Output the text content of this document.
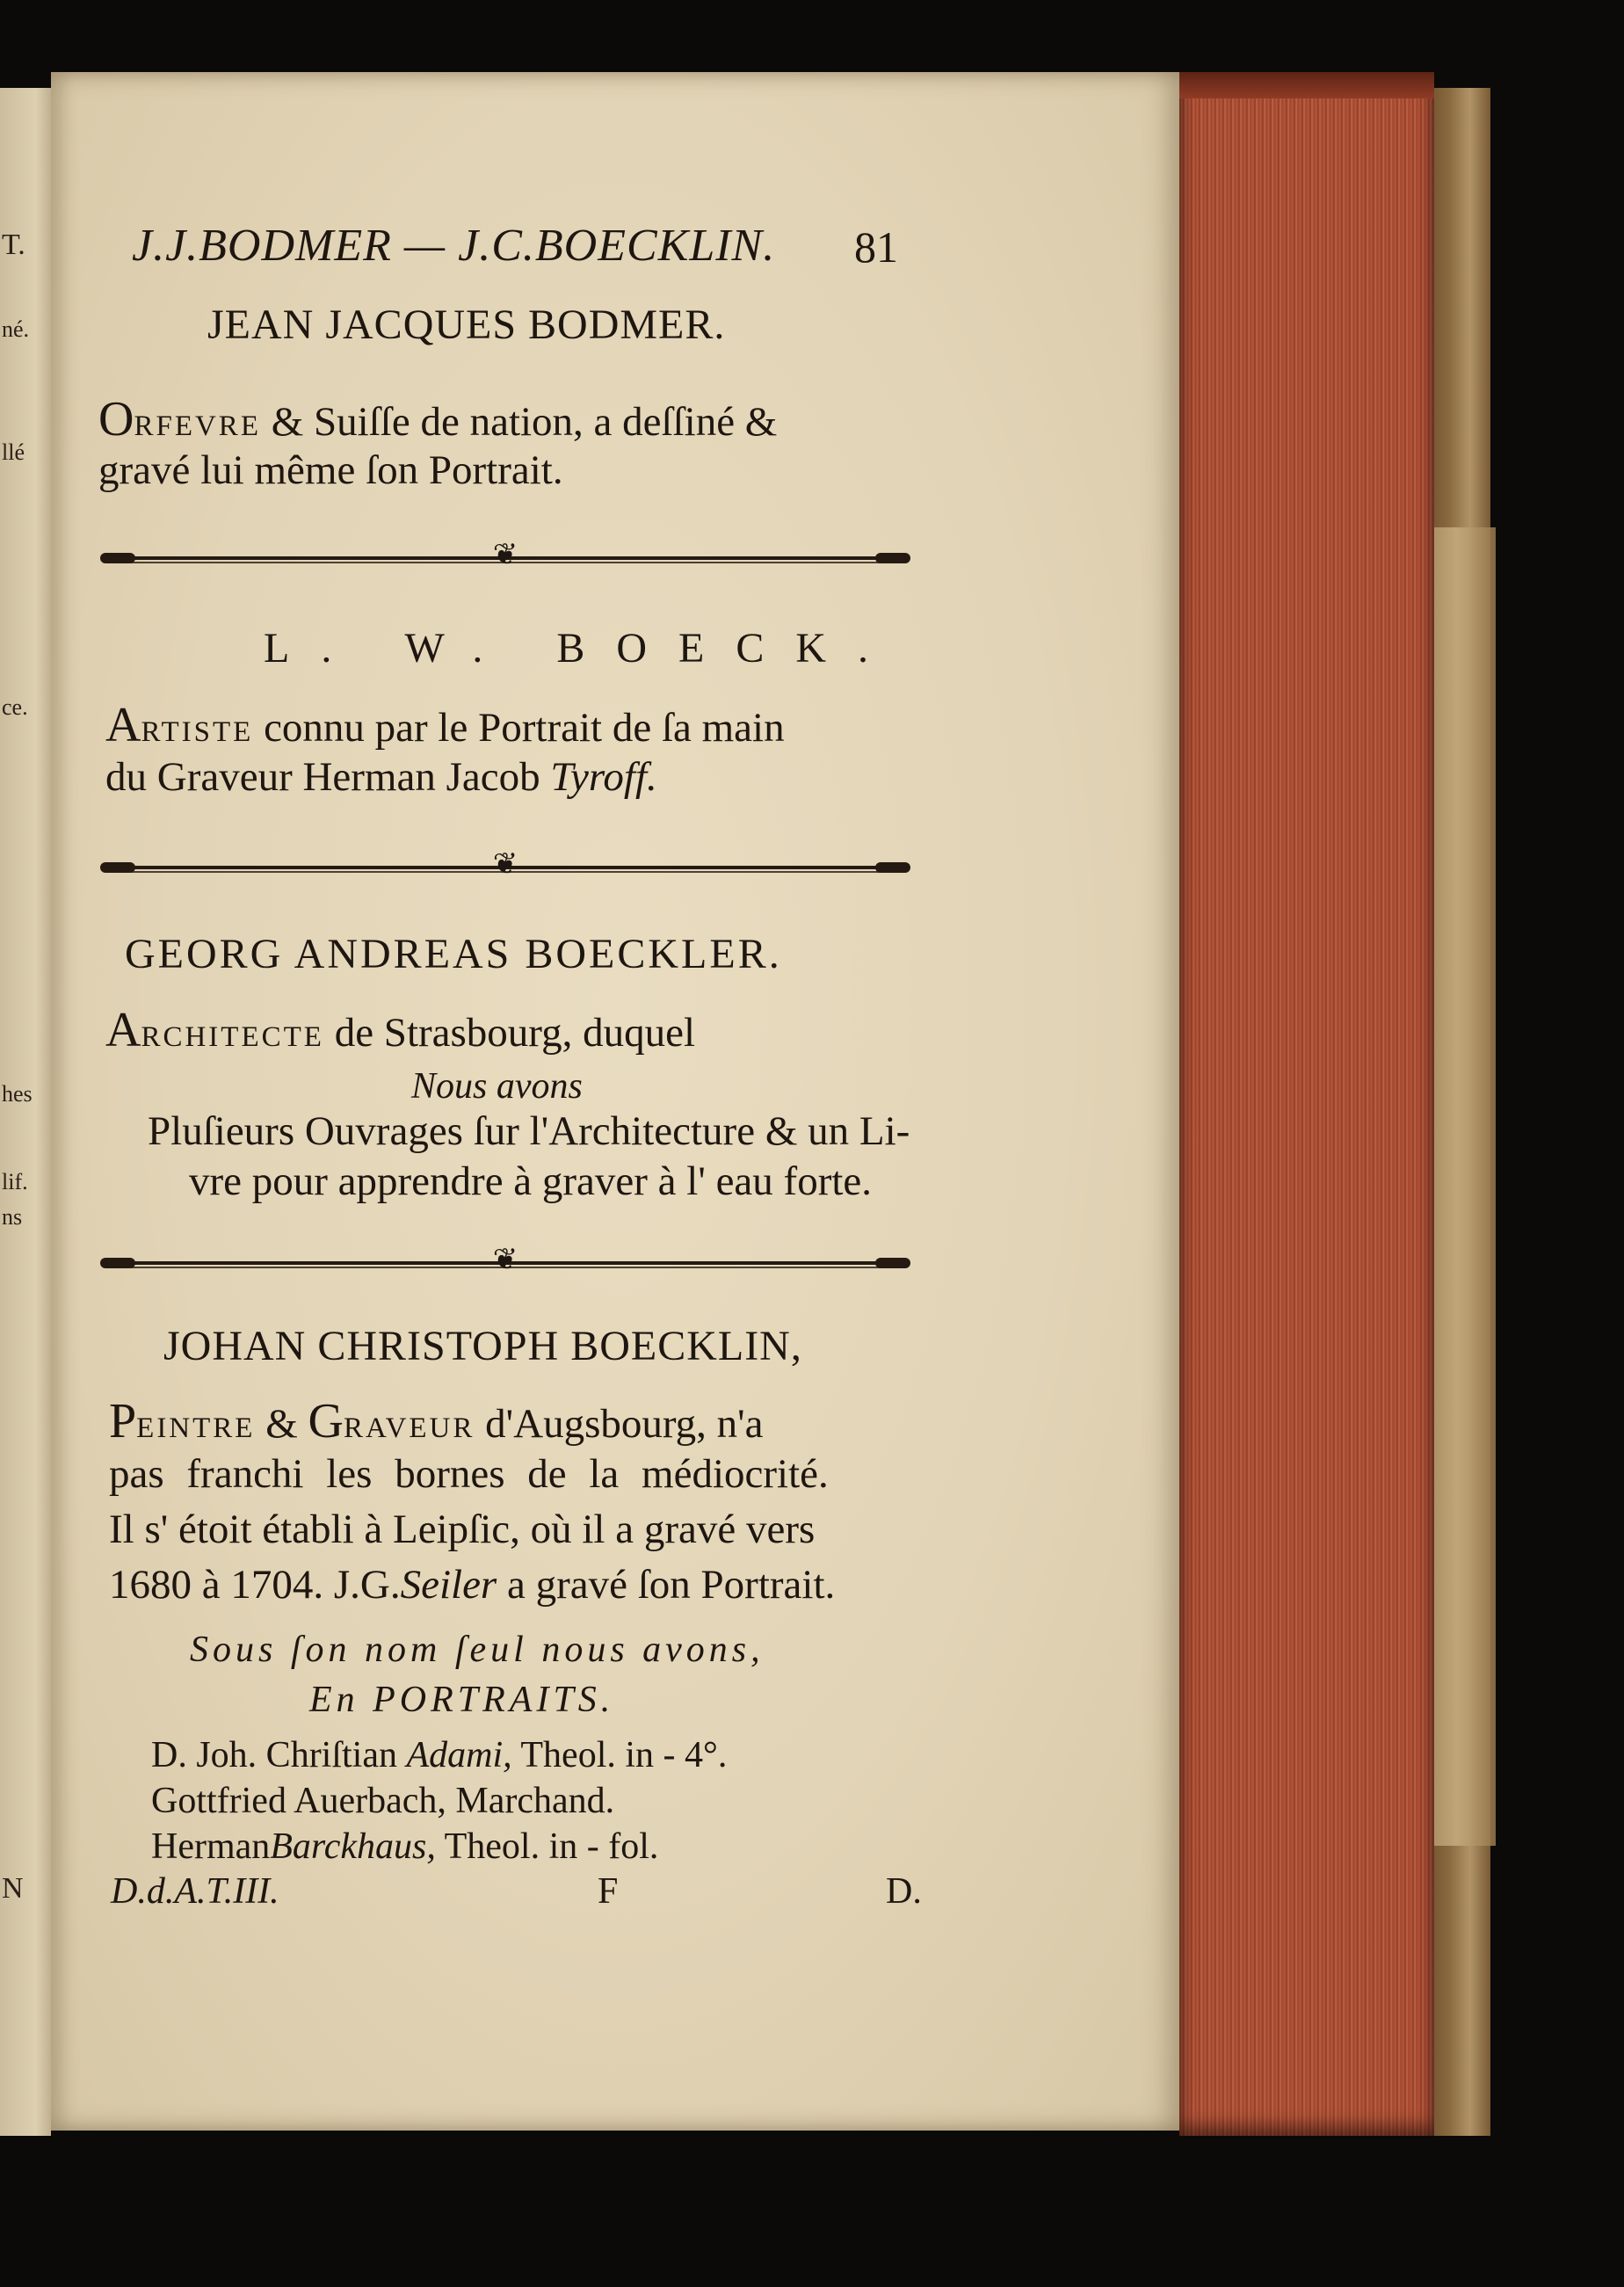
T.
né.
llé
ce.
hes
lif.
ns
N
J.J.BODMER — J.C.BOECKLIN. 81
JEAN JACQUES BODMER.
ORFEVRE & Suiſſe de nation, a deſſiné &
gravé lui même ſon Portrait.
❦
L. W. BOECK.
ARTISTE connu par le Portrait de ſa main
du Graveur Herman Jacob Tyroff.
❦
GEORG ANDREAS BOECKLER.
ARCHITECTE de Strasbourg, duquel
Nous avons
Pluſieurs Ouvrages ſur l'Architecture & un Li-
vre pour apprendre à graver à l' eau forte.
❦
JOHAN CHRISTOPH BOECKLIN,
PEINTRE & GRAVEUR d'Augsbourg, n'a
pas franchi les bornes de la médiocrité.
Il s' étoit établi à Leipſic, où il a gravé vers
1680 à 1704. J.G.Seiler a gravé ſon Portrait.
Sous ſon nom ſeul nous avons,
En PORTRAITS.
D. Joh. Chriſtian Adami, Theol. in - 4°.
Gottfried Auerbach, Marchand.
HermanBarckhaus, Theol. in - fol.
D.d.A.T.III.	F	D.
